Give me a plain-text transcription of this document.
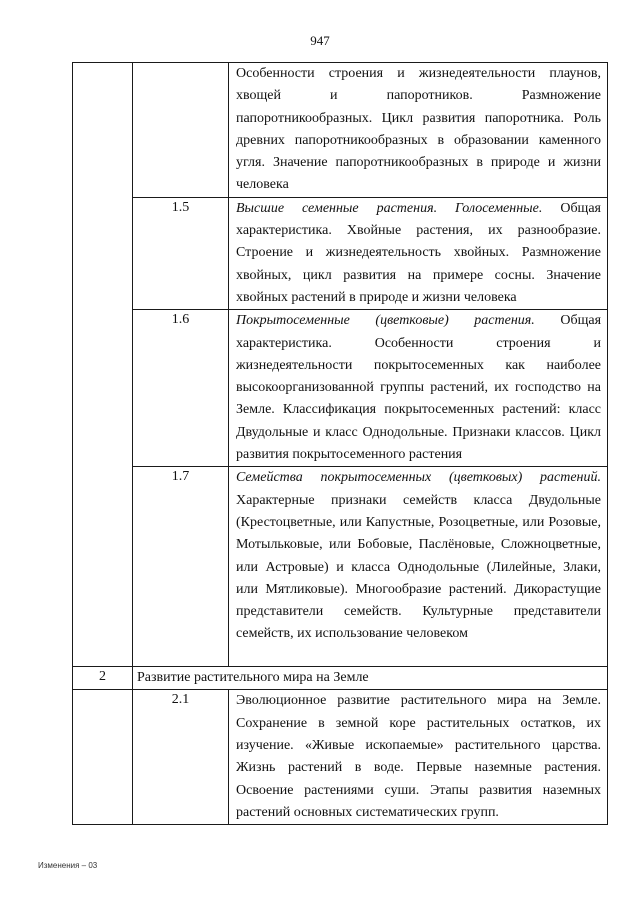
947

		Особенности строения и жизнедеятельности плаунов, хвощей и папоротников. Размножение папоротникообразных. Цикл развития папоротника. Роль древних папоротникообразных в образовании каменного угля. Значение папоротникообразных в природе и жизни человека

	1.5	Высшие семенные растения. Голосеменные. Общая характеристика. Хвойные растения, их разнообразие. Строение и жизнедеятельность хвойных. Размножение хвойных, цикл развития на примере сосны. Значение хвойных растений в природе и жизни человека

	1.6	Покрытосеменные (цветковые) растения. Общая характеристика. Особенности строения и жизнедеятельности покрытосеменных как наиболее высокоорганизованной группы растений, их господство на Земле. Классификация покрытосеменных растений: класс Двудольные и класс Однодольные. Признаки классов. Цикл развития покрытосеменного растения

	1.7	Семейства покрытосеменных (цветковых) растений. Характерные признаки семейств класса Двудольные (Крестоцветные, или Капустные, Розоцветные, или Розовые, Мотыльковые, или Бобовые, Паслёновые, Сложноцветные, или Астровые) и класса Однодольные (Лилейные, Злаки, или Мятликовые). Многообразие растений. Дикорастущие представители семейств. Культурные представители семейств, их использование человеком

2	Развитие растительного мира на Земле	
	2.1	Эволюционное развитие растительного мира на Земле. Сохранение в земной коре растительных остатков, их изучение. «Живые ископаемые» растительного царства. Жизнь растений в воде. Первые наземные растения. Освоение растениями суши. Этапы развития наземных растений основных систематических групп.

Изменения – 03
